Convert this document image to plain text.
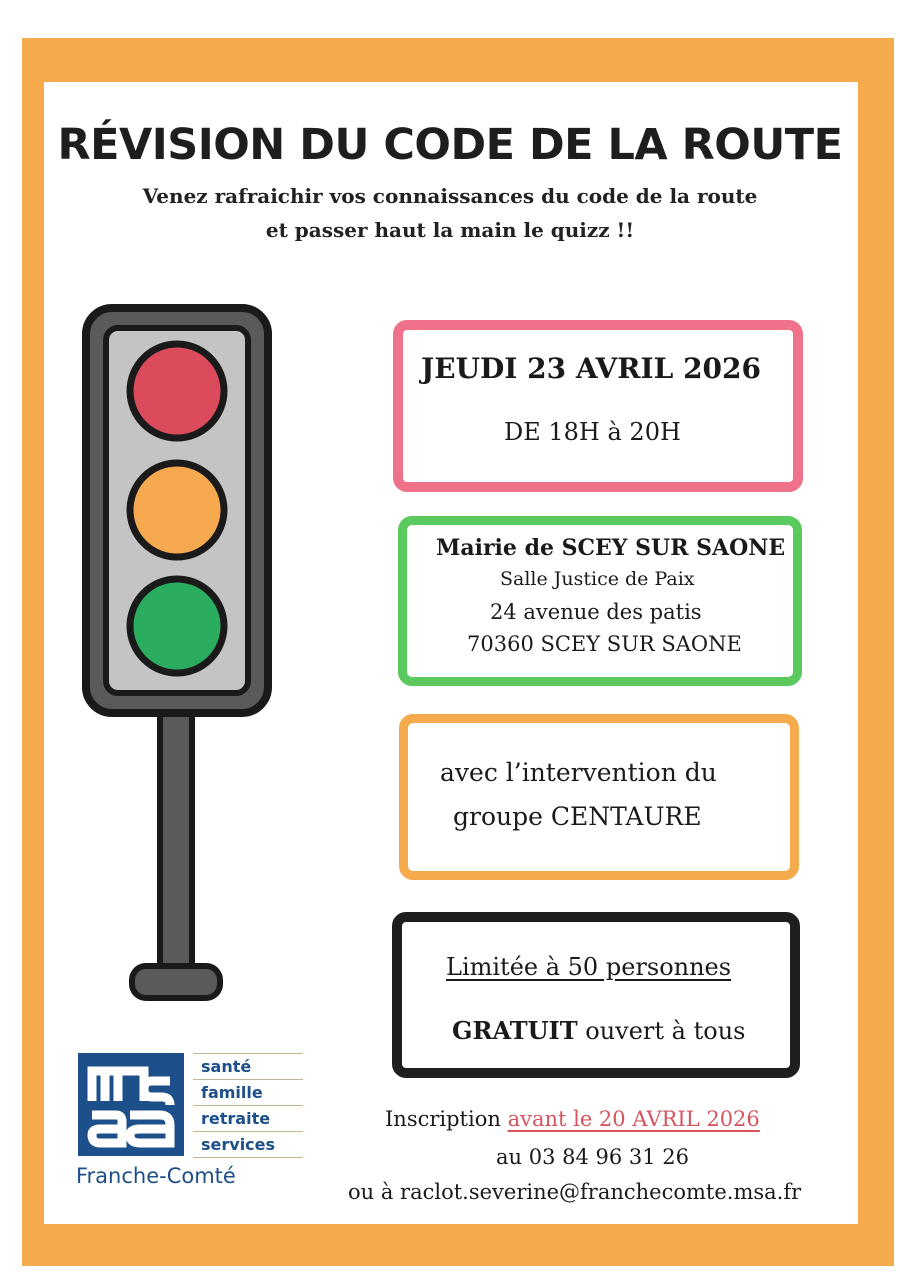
RÉVISION DU CODE DE LA ROUTE
Venez rafraichir vos connaissances du code de la route
et passer haut la main le quizz !!
JEUDI 23 AVRIL 2026
DE 18H à 20H
Mairie de SCEY SUR SAONE
Salle Justice de Paix
24 avenue des patis
70360 SCEY SUR SAONE
avec l’intervention du
groupe CENTAURE
Limitée à 50 personnes
GRATUIT ouvert à tous
Inscription avant le 20 AVRIL 2026
au 03 84 96 31 26
ou à raclot.severine@franchecomte.msa.fr
santé
famille
retraite
services
Franche-Comté
